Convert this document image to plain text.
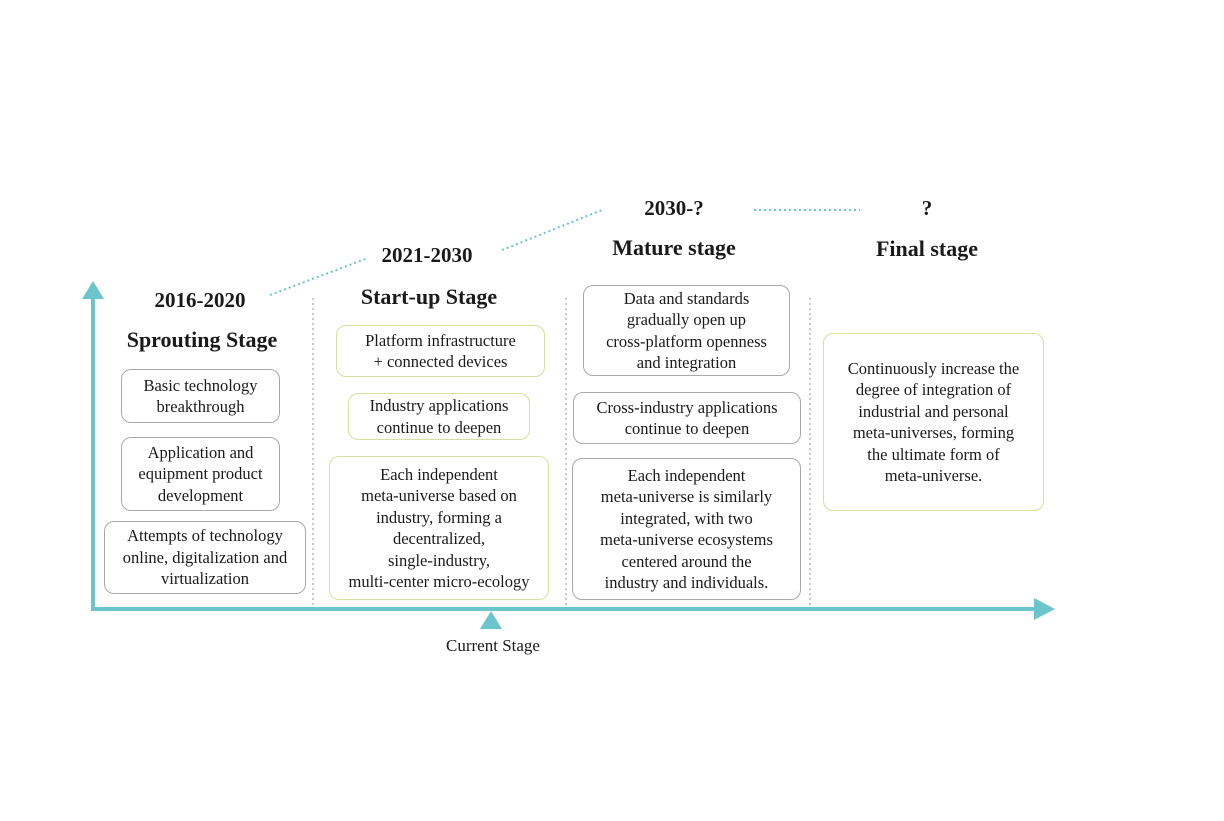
2016-2020
Sprouting Stage
Basic technology
breakthrough
Application and
equipment product
development
Attempts of technology
online, digitalization and
virtualization
2021-2030
Start-up Stage
Platform infrastructure
+ connected devices
Industry applications
continue to deepen
Each independent
meta-universe based on
industry, forming a
decentralized,
single-industry,
multi-center micro-ecology
2030-?
Mature stage
Data and standards
gradually open up
cross-platform openness
and integration
Cross-industry applications
continue to deepen
Each independent
meta-universe is similarly
integrated, with two
meta-universe ecosystems
centered around the
industry and individuals.
?
Final stage
Continuously increase the
degree of integration of
industrial and personal
meta-universes, forming
the ultimate form of
meta-universe.
Current Stage
